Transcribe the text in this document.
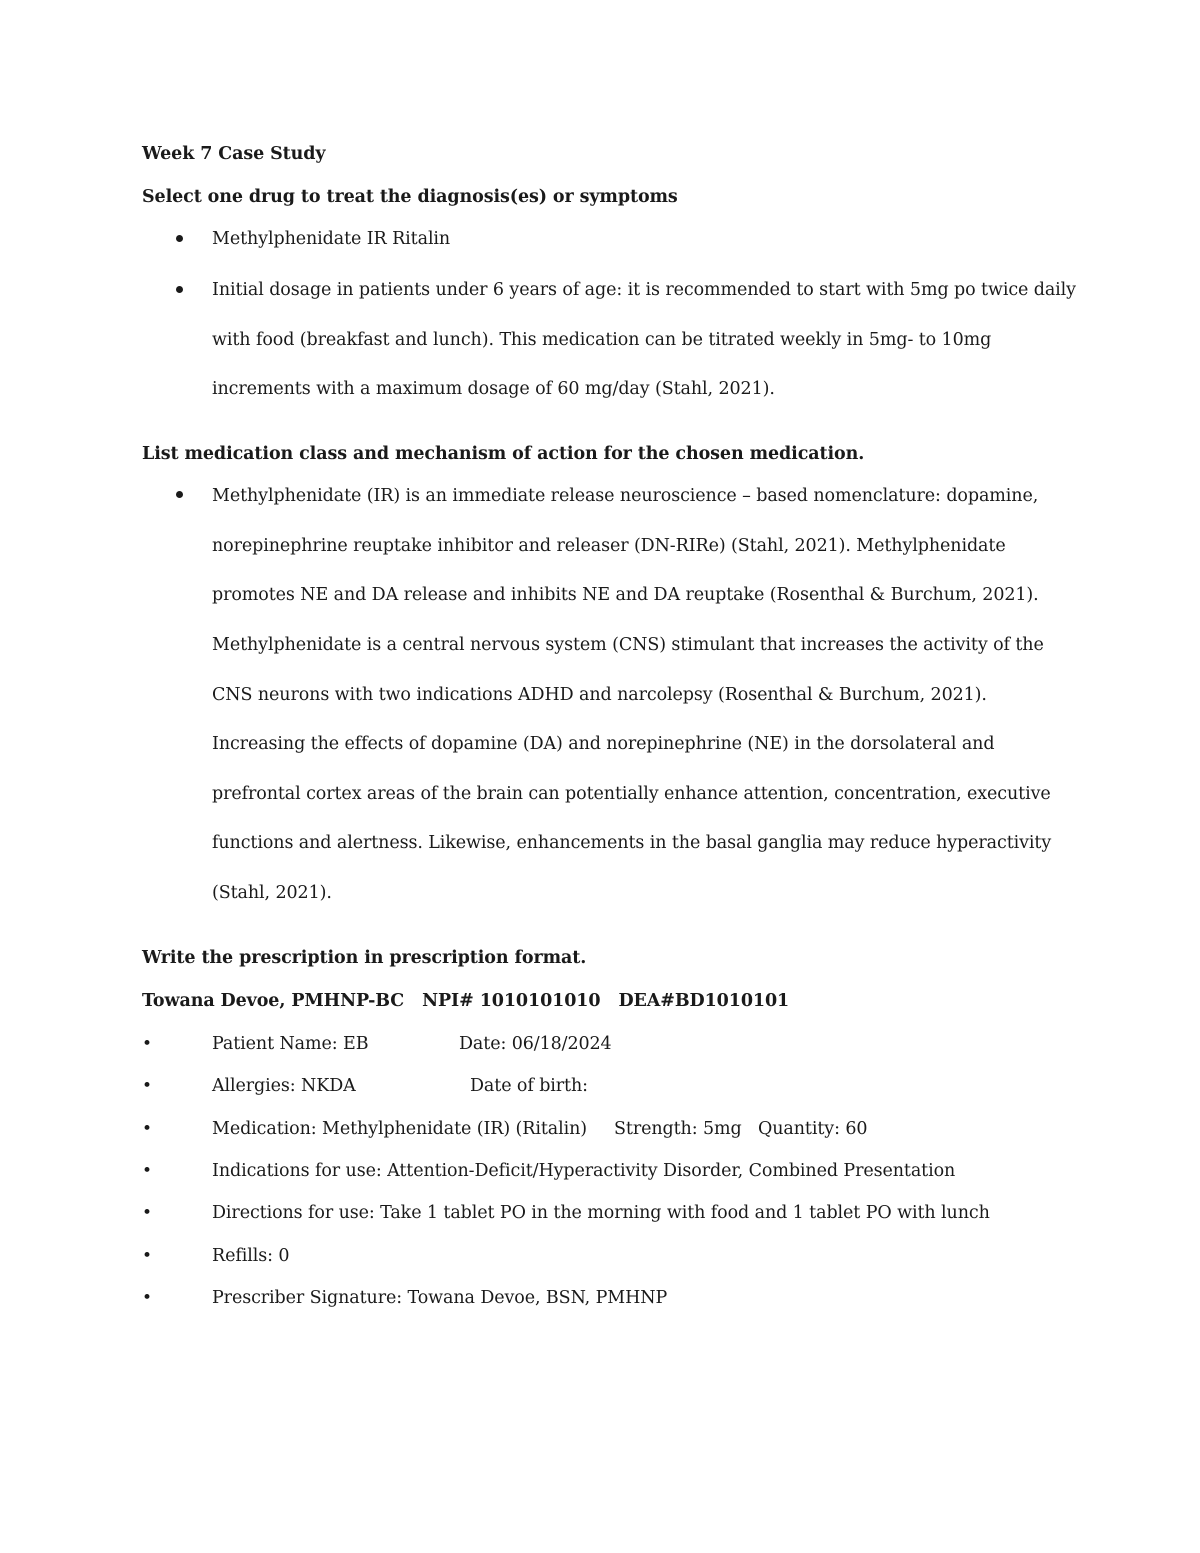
Week 7 Case Study
Select one drug to treat the diagnosis(es) or symptoms
Methylphenidate IR Ritalin
Initial dosage in patients under 6 years of age: it is recommended to start with 5mg po twice daily
with food (breakfast and lunch). This medication can be titrated weekly in 5mg- to 10mg
increments with a maximum dosage of 60 mg/day (Stahl, 2021).
List medication class and mechanism of action for the chosen medication.
Methylphenidate (IR) is an immediate release neuroscience – based nomenclature: dopamine,
norepinephrine reuptake inhibitor and releaser (DN-RIRe) (Stahl, 2021). Methylphenidate
promotes NE and DA release and inhibits NE and DA reuptake (Rosenthal & Burchum, 2021).
Methylphenidate is a central nervous system (CNS) stimulant that increases the activity of the
CNS neurons with two indications ADHD and narcolepsy (Rosenthal & Burchum, 2021).
Increasing the effects of dopamine (DA) and norepinephrine (NE) in the dorsolateral and
prefrontal cortex areas of the brain can potentially enhance attention, concentration, executive
functions and alertness. Likewise, enhancements in the basal ganglia may reduce hyperactivity
(Stahl, 2021).
Write the prescription in prescription format.
Towana Devoe, PMHNP-BC NPI# 1010101010 DEA#BD1010101
•	Patient Name: EB	Date: 06/18/2024
•	Allergies: NKDA	Date of birth:
•	Medication: Methylphenidate (IR) (Ritalin) Strength: 5mg Quantity: 60
•	Indications for use: Attention-Deficit/Hyperactivity Disorder, Combined Presentation
•	Directions for use: Take 1 tablet PO in the morning with food and 1 tablet PO with lunch
•	Refills: 0
•	Prescriber Signature: Towana Devoe, BSN, PMHNP
